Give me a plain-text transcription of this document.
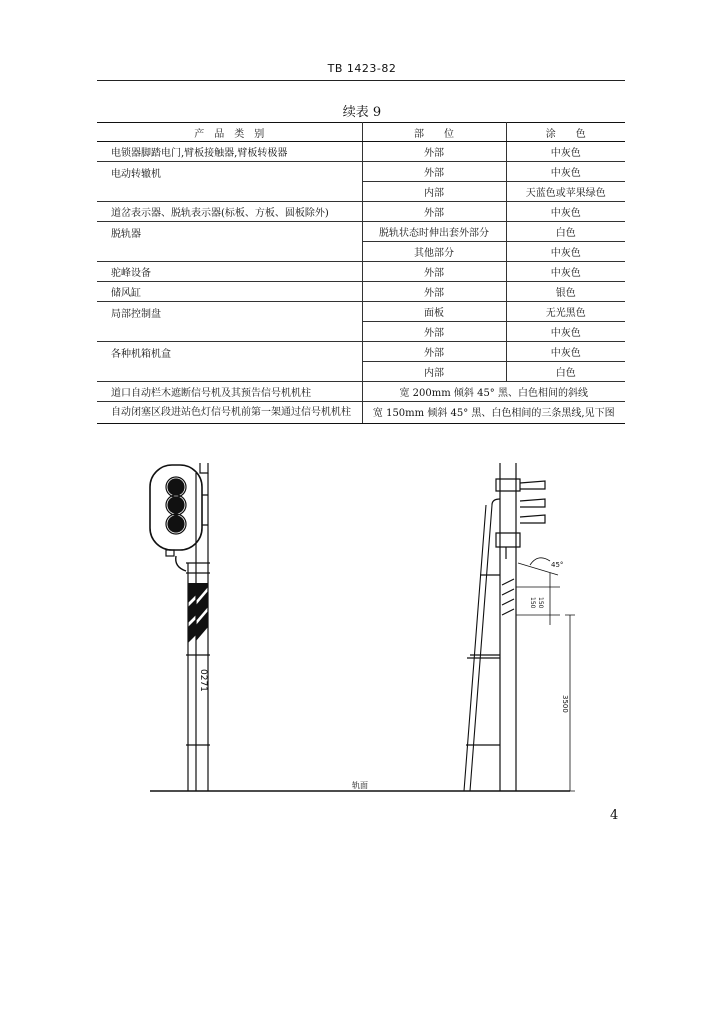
TB 1423-82
续表 9
产　品　类　别	部　　位	涂　　色
电锁器脚踏电门,臂板接触器,臂板转极器	外部	中灰色
电动转辙机	外部	中灰色
	内部	天蓝色或苹果绿色
道岔表示器、脱轨表示器(标板、方板、圆板除外)	外部	中灰色
脱轨器	脱轨状态时伸出套外部分	白色
	其他部分	中灰色
驼峰设备	外部	中灰色
储风缸	外部	银色
局部控制盘	面板	无光黑色
	外部	中灰色
各种机箱机盒	外部	中灰色
	内部	白色
道口自动栏木遮断信号机及其预告信号机机柱	宽 200mm 倾斜 45° 黑、白色相间的斜线	
自动闭塞区段进站色灯信号机前第一架通过信号机机柱	宽 150mm 倾斜 45° 黑、白色相间的三条黑线,见下图	
0271
轨面
45°
150 150
3500
4
